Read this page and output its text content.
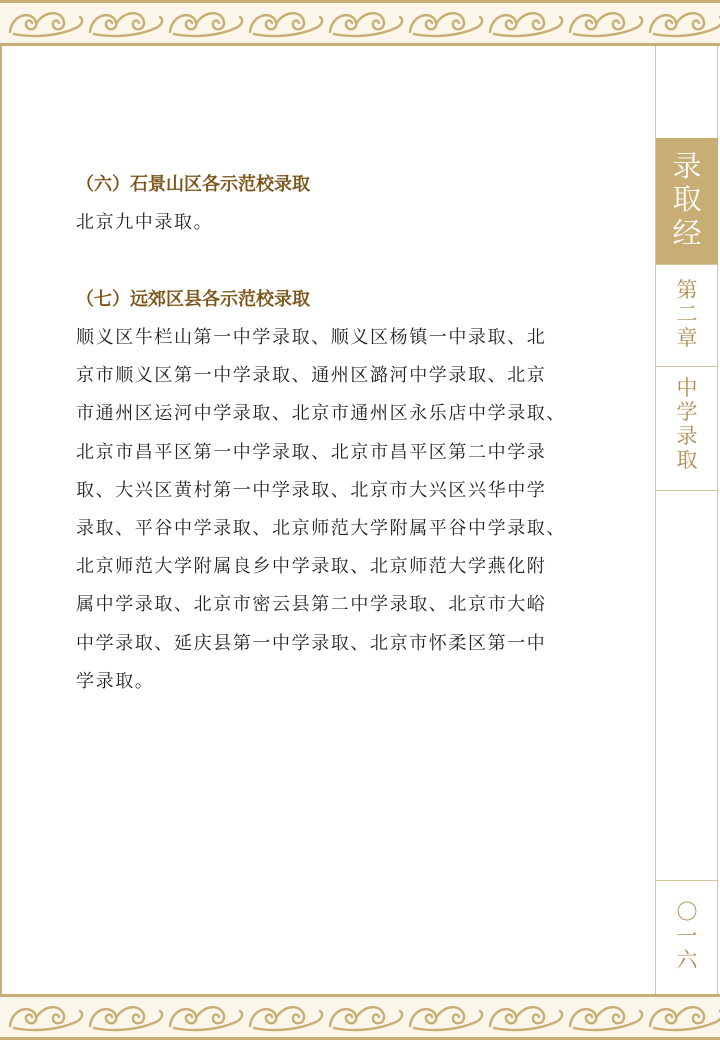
录
取
经
第
二
章
中
学
录
取
〇
一
六
（六）石景山区各示范校录取
北京九中录取。
（七）远郊区县各示范校录取
顺义区牛栏山第一中学录取、顺义区杨镇一中录取、北
京市顺义区第一中学录取、通州区潞河中学录取、北京
市通州区运河中学录取、北京市通州区永乐店中学录取、
北京市昌平区第一中学录取、北京市昌平区第二中学录
取、大兴区黄村第一中学录取、北京市大兴区兴华中学
录取、平谷中学录取、北京师范大学附属平谷中学录取、
北京师范大学附属良乡中学录取、北京师范大学燕化附
属中学录取、北京市密云县第二中学录取、北京市大峪
中学录取、延庆县第一中学录取、北京市怀柔区第一中
学录取。
